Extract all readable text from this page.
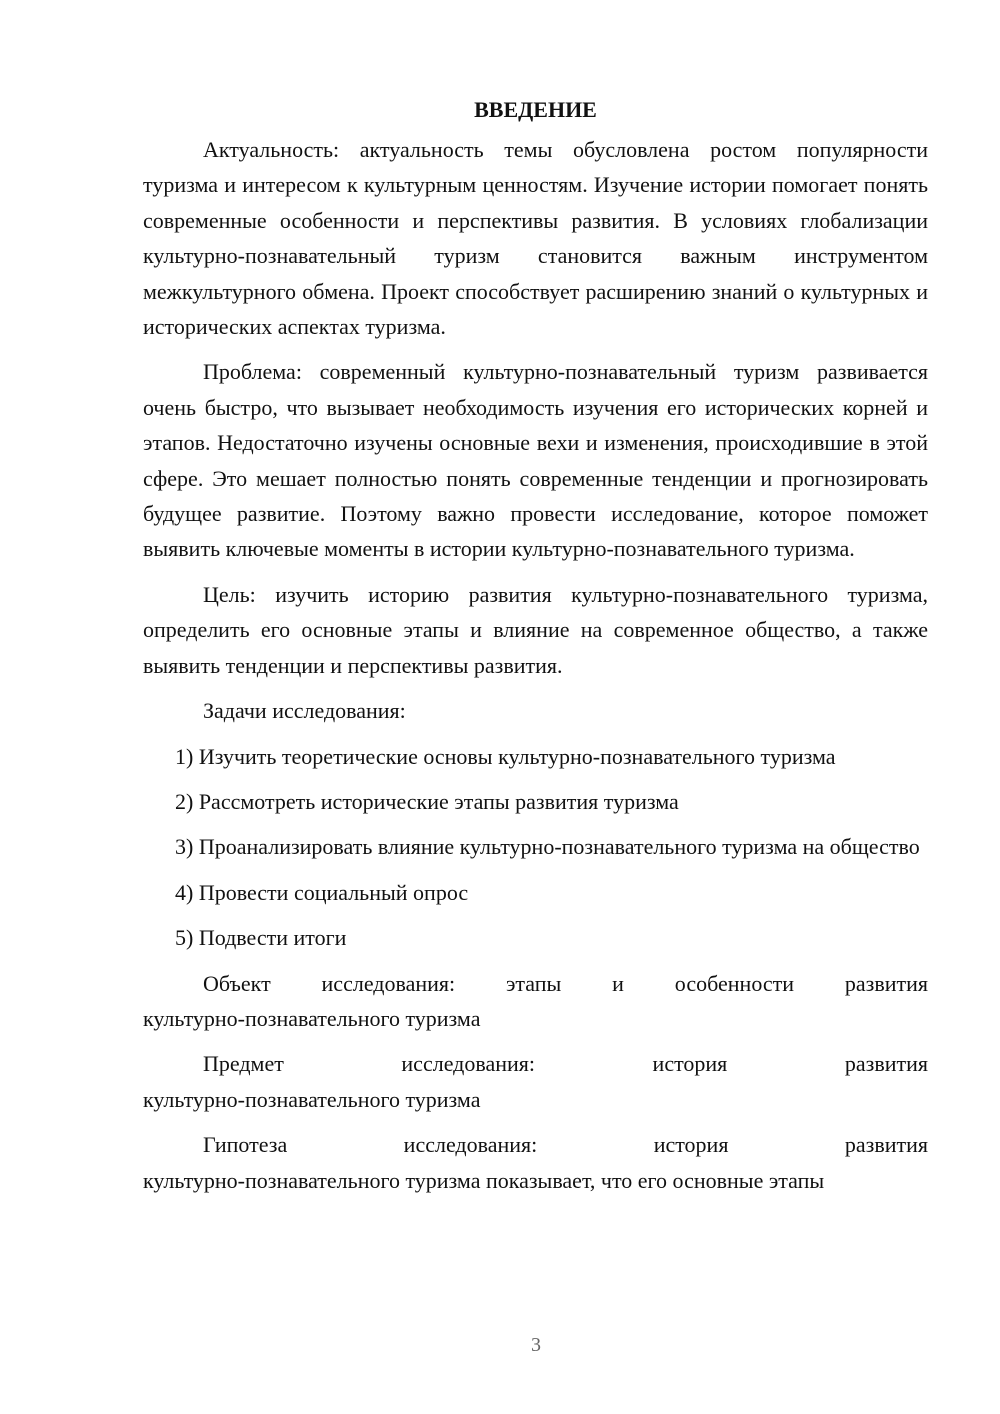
ВВЕДЕНИЕ

Актуальность: актуальность темы обусловлена ростом популярности туризма и интересом к культурным ценностям. Изучение истории помогает понять современные особенности и перспективы развития. В условиях глобализации культурно-познавательный туризм становится важным инструментом межкультурного обмена. Проект способствует расширению знаний о культурных и исторических аспектах туризма.

Проблема: современный культурно-познавательный туризм развивается очень быстро, что вызывает необходимость изучения его исторических корней и этапов. Недостаточно изучены основные вехи и изменения, происходившие в этой сфере. Это мешает полностью понять современные тенденции и прогнозировать будущее развитие. Поэтому важно провести исследование, которое поможет выявить ключевые моменты в истории культурно-познавательного туризма.

Цель: изучить историю развития культурно-познавательного туризма, определить его основные этапы и влияние на современное общество, а также выявить тенденции и перспективы развития.

Задачи исследования:

1) Изучить теоретические основы культурно-познавательного туризма
2) Рассмотреть исторические этапы развития туризма
3) Проанализировать влияние культурно-познавательного туризма на общество
4) Провести социальный опрос
5) Подвести итоги
Объект исследования: этапы и особенности развития
культурно-познавательного туризма
Предмет	исследования:	история	развития
культурно-познавательного туризма
Гипотеза	исследования:	история	развития
культурно-познавательного туризма показывает, что его основные этапы
3
